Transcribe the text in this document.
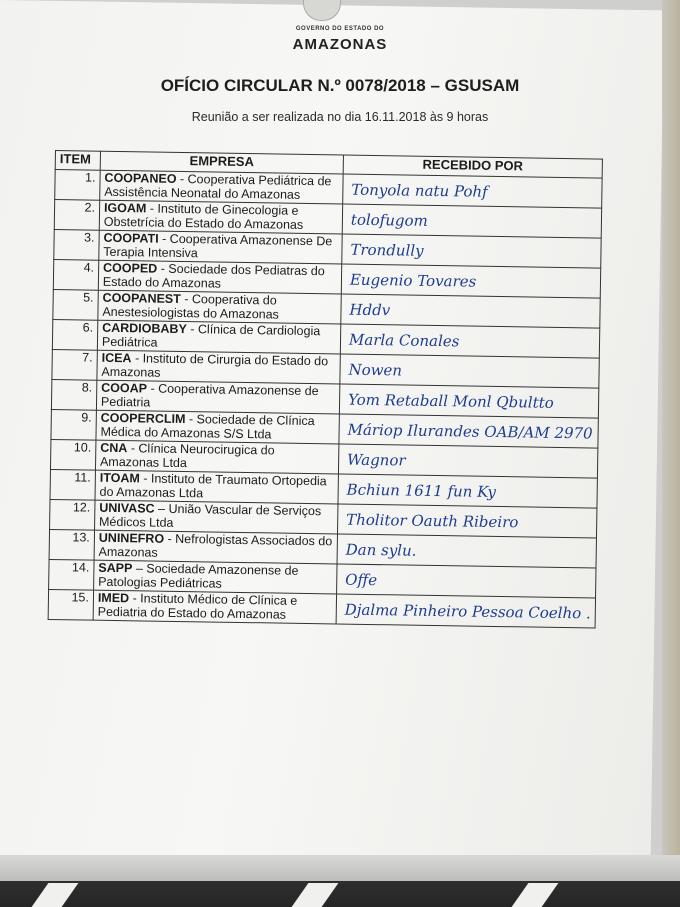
GOVERNO DO ESTADO DO
AMAZONAS
OFÍCIO CIRCULAR N.º 0078/2018 – GSUSAM
Reunião a ser realizada no dia 16.11.2018 às 9 horas
ITEM	EMPRESA	RECEBIDO POR
1.	COOPANEO - Cooperativa Pediátrica de Assistência Neonatal do Amazonas	Tonyola natu Pohf

2.	IGOAM - Instituto de Ginecologia e Obstetrícia do Estado do Amazonas	tolofugom

3.	COOPATI - Cooperativa Amazonense De Terapia Intensiva	Trondully

4.	COOPED - Sociedade dos Pediatras do Estado do Amazonas	Eugenio Tovares

5.	COOPANEST - Cooperativa do Anestesiologistas do Amazonas	Hddv

6.	CARDIOBABY - Clínica de Cardiologia Pediátrica	Marla Conales

7.	ICEA - Instituto de Cirurgia do Estado do Amazonas	Nowen

8.	COOAP - Cooperativa Amazonense de Pediatria	Yom Retaball Monl Qbultto

9.	COOPERCLIM - Sociedade de Clínica Médica do Amazonas S/S Ltda	Máriop Ilurandes OAB/AM 2970

10.	CNA - Clínica Neurocirugica do Amazonas Ltda	Wagnor

11.	ITOAM - Instituto de Traumato Ortopedia do Amazonas Ltda	Bchiun 1611 fun Ky

12.	UNIVASC – União Vascular de Serviços Médicos Ltda	Tholitor Oauth Ribeiro

13.	UNINEFRO - Nefrologistas Associados do Amazonas	Dan sylu.

14.	SAPP – Sociedade Amazonense de Patologias Pediátricas	Offe

15.	IMED - Instituto Médico de Clínica e Pediatria do Estado do Amazonas	Djalma Pinheiro Pessoa Coelho .
